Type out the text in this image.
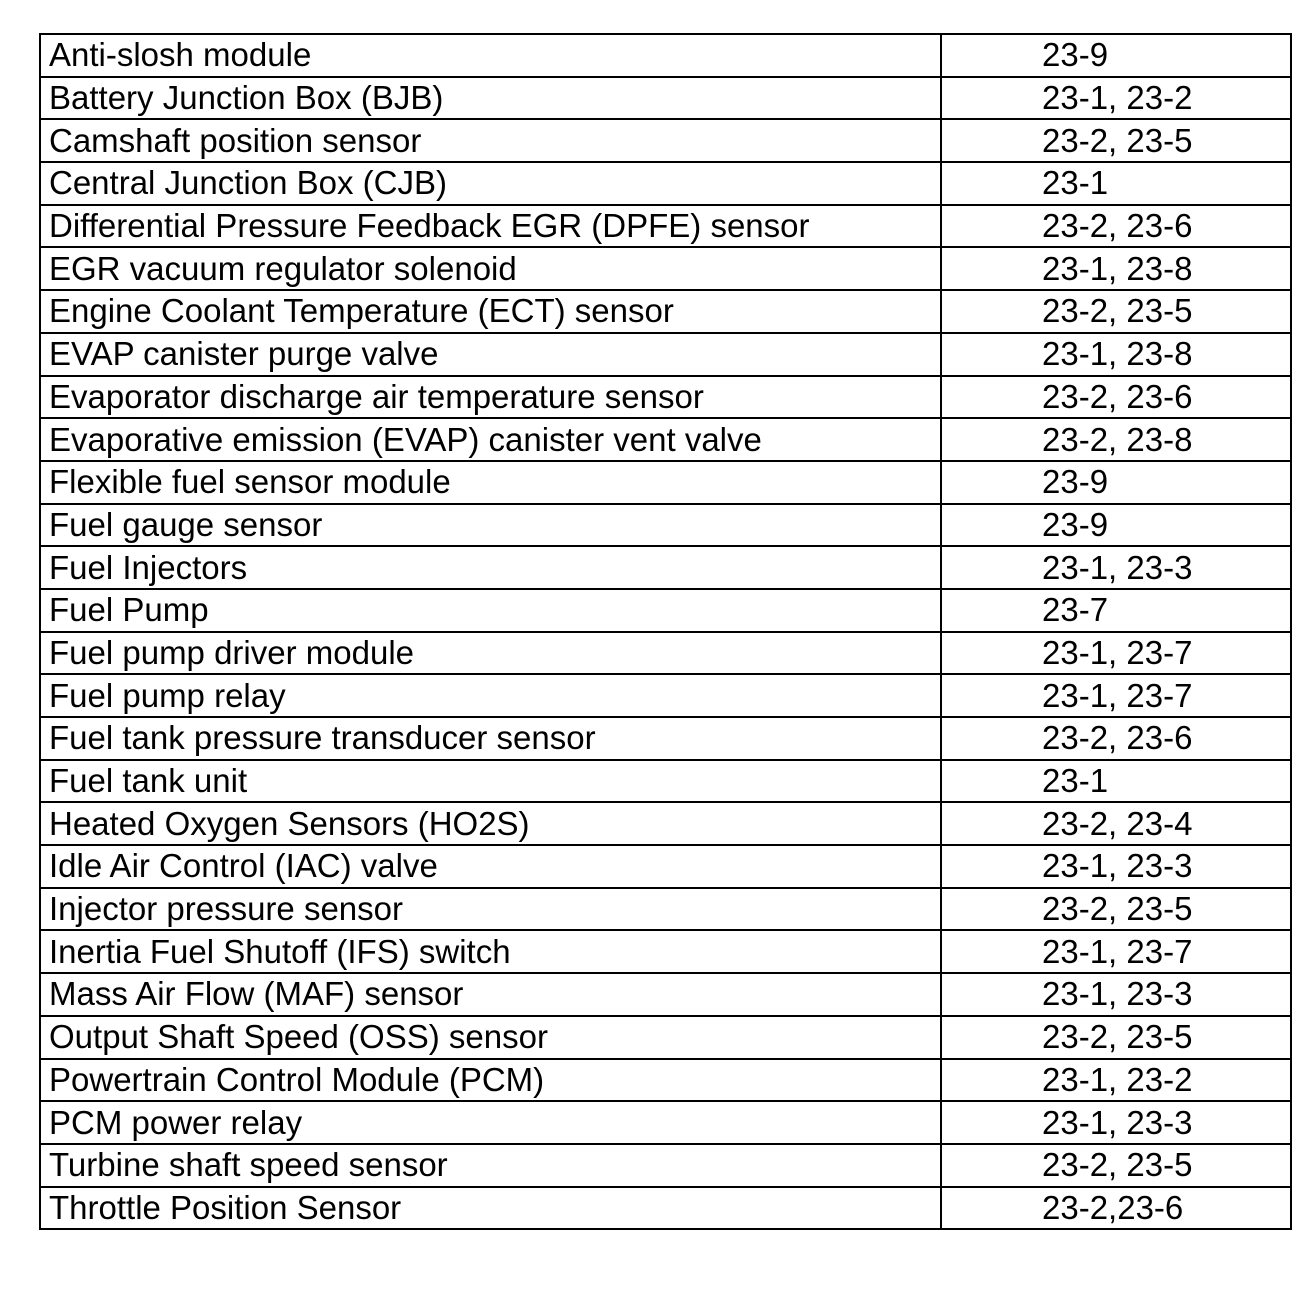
Anti-slosh module	23-9
Battery Junction Box (BJB)	23-1, 23-2
Camshaft position sensor	23-2, 23-5
Central Junction Box (CJB)	23-1
Differential Pressure Feedback EGR (DPFE) sensor	23-2, 23-6
EGR vacuum regulator solenoid	23-1, 23-8
Engine Coolant Temperature (ECT) sensor	23-2, 23-5
EVAP canister purge valve	23-1, 23-8
Evaporator discharge air temperature sensor	23-2, 23-6
Evaporative emission (EVAP) canister vent valve	23-2, 23-8
Flexible fuel sensor module	23-9
Fuel gauge sensor	23-9
Fuel Injectors	23-1, 23-3
Fuel Pump	23-7
Fuel pump driver module	23-1, 23-7
Fuel pump relay	23-1, 23-7
Fuel tank pressure transducer sensor	23-2, 23-6
Fuel tank unit	23-1
Heated Oxygen Sensors (HO2S)	23-2, 23-4
Idle Air Control (IAC) valve	23-1, 23-3
Injector pressure sensor	23-2, 23-5
Inertia Fuel Shutoff (IFS) switch	23-1, 23-7
Mass Air Flow (MAF) sensor	23-1, 23-3
Output Shaft Speed (OSS) sensor	23-2, 23-5
Powertrain Control Module (PCM)	23-1, 23-2
PCM power relay	23-1, 23-3
Turbine shaft speed sensor	23-2, 23-5
Throttle Position Sensor	23-2,23-6
